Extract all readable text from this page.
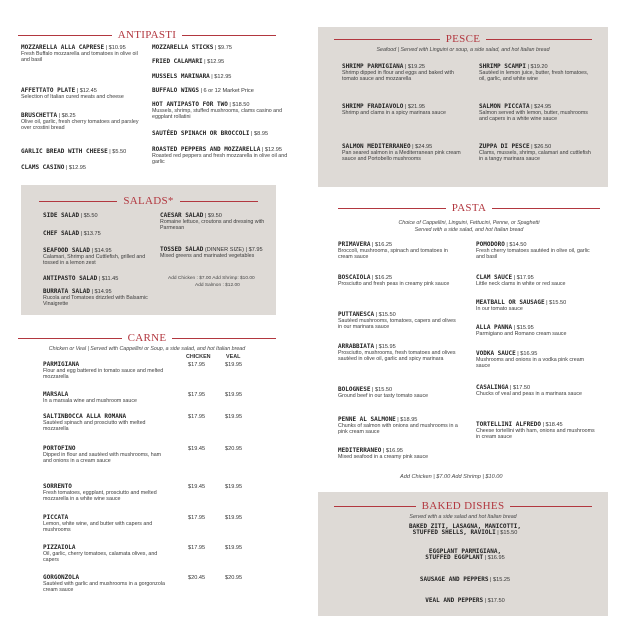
ANTIPASTI
SALADS*
CARNE
Chicken or Veal | Served with Cappellini or Soup, a side salad, and hot Italian bread
PESCE
Seafood | Served with Linguini or soup, a side salad, and hot Italian bread
PASTA
Choice of Cappellini, Linguini, Fettucini, Penne, or Spaghetti
Served with a side salad, and hot Italian bread
Add Chicken | $7.00 Add Shrimp | $10.00
BAKED DISHES
Served with a side salad and hot Italian bread
MOZZARELLA ALLA CAPRESE | $10.95
Fresh Buffalo mozzarella and tomatoes in olive oil and basil
AFFETTATO PLATE | $12.45
Selection of Italian cured meats and cheese
BRUSCHETTA | $8.25
Olive oil, garlic, fresh cherry tomatoes and parsley over crostini bread
GARLIC BREAD WITH CHEESE | $5.50
CLAMS CASINO | $12.95
MOZZARELLA STICKS | $9.75
FRIED CALAMARI | $12.95
MUSSELS MARINARA | $12.95
BUFFALO WINGS | 6 or 12 Market Price
HOT ANTIPASTO FOR TWO | $18.50
Mussels, shrimp, stuffed mushrooms, clams casino and eggplant rollatini
SAUTÉED SPINACH OR BROCCOLI | $8.95
ROASTED PEPPERS AND MOZZARELLA | $12.95
Roasted red peppers and fresh mozzarella in olive oil and garlic
SIDE SALAD | $5.50
CHEF SALAD | $13.75
SEAFOOD SALAD | $14.95
Calamari, Shrimp and Cuttlefish, grilled and tossed in a lemon zest
ANTIPASTO SALAD | $11.45
BURRATA SALAD | $14.95
Rucola and Tomatoes drizzled with Balsamic Vinaigrette
CAESAR SALAD | $9.50
Romaine lettuce, croutons and dressing with Parmesan
TOSSED SALAD (DINNER SIZE) | $7.95
Mixed greens and marinated vegetables
Add Chicken : $7.00 Add Shrimp: $10.00
Add Salmon : $12.00
CHICKEN	VEAL
PARMIGIANA
Flour and egg battered in tomato sauce and melted mozzarella
$17.95	$19.95
MARSALA
In a marsala wine and mushroom sauce
$17.95	$19.95
SALTINBOCCA ALLA ROMANA
Sautéed spinach and prosciutto with melted mozzarella
$17.95	$19.95
PORTOFINO
Dipped in flour and sautéed with mushrooms, ham and onions in a cream sauce
$19.45	$20.95
SORRENTO
Fresh tomatoes, eggplant, prosciutto and melted mozzarella in a white wine sauce
$19.45	$19.95
PICCATA
Lemon, white wine, and butter with capers and mushrooms
$17.95	$19.95
PIZZAIOLA
Oil, garlic, cherry tomatoes, calamata olives, and capers
$17.95	$19.95
GORGONZOLA
Sautéed with garlic and mushrooms in a gorgonzola cream sauce
$20.45	$20.95
SHRIMP PARMIGIANA | $19.25
Shrimp dipped in flour and eggs and baked with tomato sauce and mozzarella
SHRIMP FRADIAVOLO | $21.95
Shrimp and clams in a spicy marinara sauce
SALMON MEDITERRANEO | $24.95
Pan seared salmon in a Mediterranean pink cream sauce and Portobello mushrooms
SHRIMP SCAMPI | $19.20
Sautéed in lemon juice, butter, fresh tomatoes, oil, garlic, and white wine
SALMON PICCATA | $24.95
Salmon served with lemon, butter, mushrooms and capers in a white wine sauce
ZUPPA DI PESCE | $26.50
Clams, mussels, shrimp, calamari and cuttlefish in a tangy marinara sauce
PRIMAVERA | $16.25
Broccoli, mushrooms, spinach and tomatoes in cream sauce
BOSCAIOLA | $16.25
Prosciutto and fresh peas in creamy pink sauce
PUTTANESCA | $15.50
Sautéed mushrooms, tomatoes, capers and olives in our marinara sauce
ARRABBIATA | $15.95
Prosciutto, mushrooms, fresh tomatoes and olives sautéed in olive oil, garlic and spicy marinara
BOLOGNESE | $15.50
Ground beef in our tasty tomato sauce
PENNE AL SALMONE | $18.95
Chunks of salmon with onions and mushrooms in a pink cream sauce
MEDITERRANEO | $16.95
Mixed seafood in a creamy pink sauce
POMODORO | $14.50
Fresh cherry tomatoes sautéed in olive oil, garlic and basil
CLAM SAUCE | $17.95
Little neck clams in white or red sauce
MEATBALL OR SAUSAGE | $15.50
In our tomato sauce
ALLA PANNA | $15.95
Parmigiano and Romano cream sauce
VODKA SAUCE | $16.95
Mushrooms and onions in a vodka pink cream sauce
CASALINGA | $17.50
Chucks of veal and peas in a marinara sauce
TORTELLINI ALFREDO | $18.45
Cheese tortellini with ham, onions and mushrooms in cream sauce
BAKED ZITI, LASAGNA, MANICOTTI,
STUFFED SHELLS, RAVIOLI | $15.50
EGGPLANT PARMIGIANA,
STUFFED EGGPLANT | $16.95
SAUSAGE AND PEPPERS | $15.25
VEAL AND PEPPERS | $17.50
